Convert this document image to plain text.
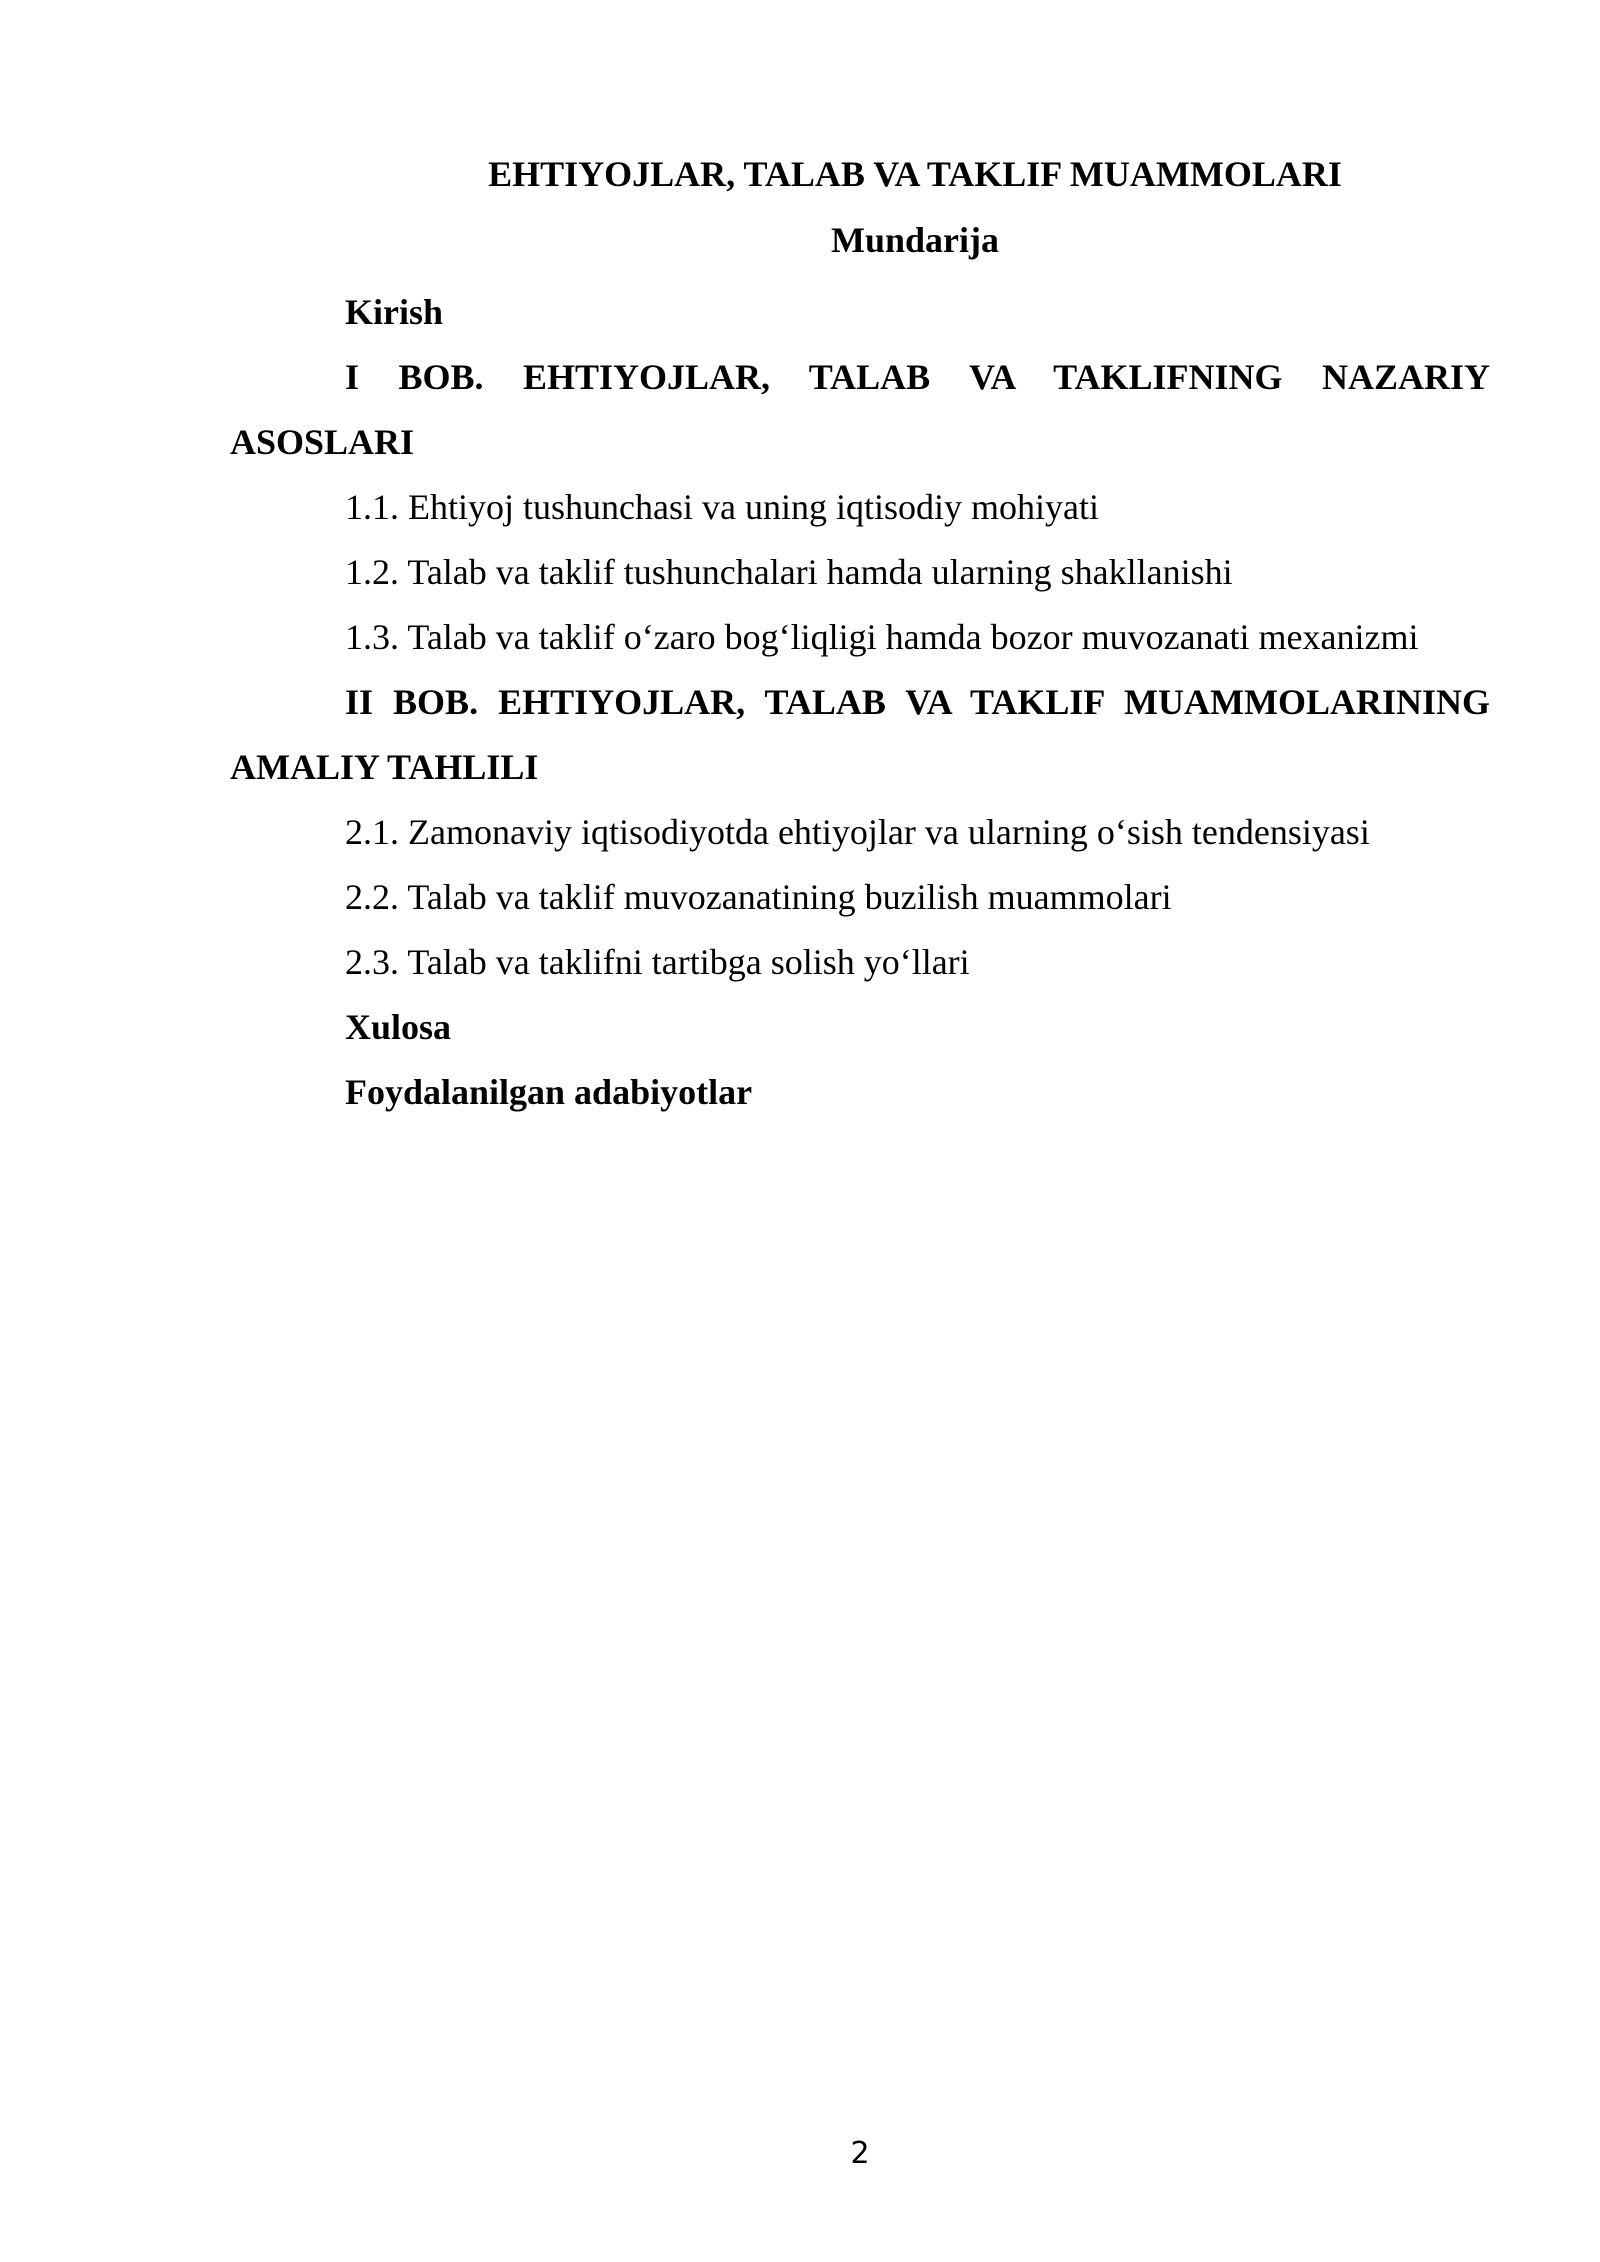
EHTIYOJLAR, TALAB VA TAKLIF MUAMMOLARI
Mundarija
Kirish
I BOB. EHTIYOJLAR, TALAB VA TAKLIFNING NAZARIY ASOSLARI
1.1. Ehtiyoj tushunchasi va uning iqtisodiy mohiyati
1.2. Talab va taklif tushunchalari hamda ularning shakllanishi
1.3. Talab va taklif o‘zaro bog‘liqligi hamda bozor muvozanati mexanizmi
II BOB. EHTIYOJLAR, TALAB VA TAKLIF MUAMMOLARINING AMALIY TAHLILI
2.1. Zamonaviy iqtisodiyotda ehtiyojlar va ularning o‘sish tendensiyasi
2.2. Talab va taklif muvozanatining buzilish muammolari
2.3. Talab va taklifni tartibga solish yo‘llari
Xulosa
Foydalanilgan adabiyotlar
2
